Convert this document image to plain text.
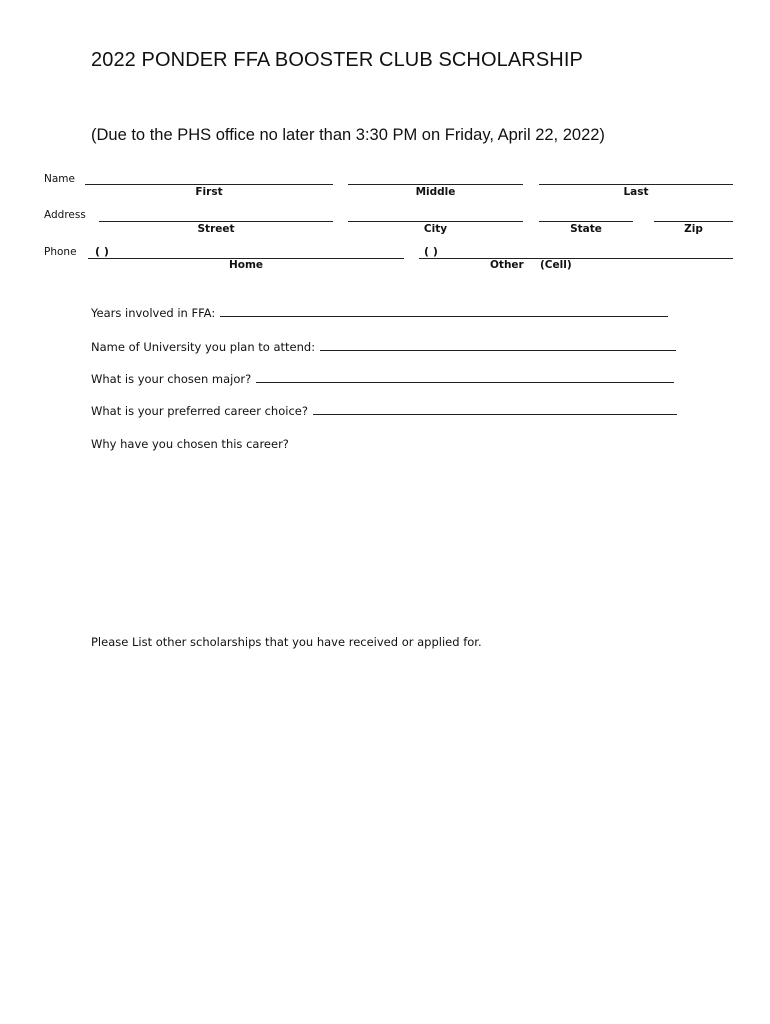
2022 PONDER FFA BOOSTER CLUB SCHOLARSHIP
(Due to the PHS office no later than 3:30 PM on Friday, April 22, 2022)
Name
First	Middle	Last
Address
Street	City	State	Zip
Phone ( )	( )
Home	Other (Cell)
Years involved in FFA:
Name of University you plan to attend:
What is your chosen major?
What is your preferred career choice?
Why have you chosen this career?
Please List other scholarships that you have received or applied for.
